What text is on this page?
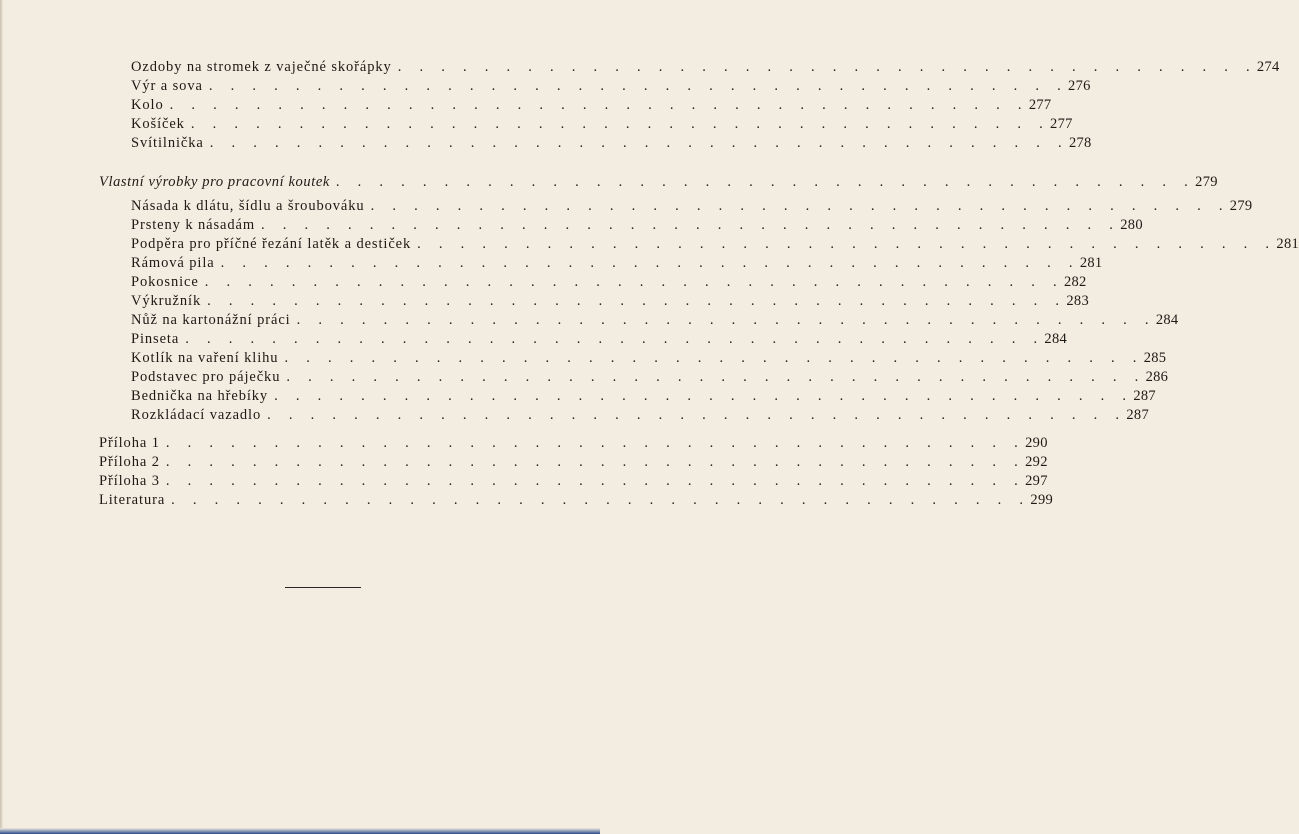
Ozdoby na stromek z vaječné skořápky .  .  .  .  .  .  .  .  .  .  .  .  .  .  .  .  .  .  .  .  .  .  .  .  .  .  .  .  .  .  .  .  .  .  .  .  .  .  .  . 274
Výr a sova .  .  .  .  .  .  .  .  .  .  .  .  .  .  .  .  .  .  .  .  .  .  .  .  .  .  .  .  .  .  .  .  .  .  .  .  .  .  .  . 276
Kolo .  .  .  .  .  .  .  .  .  .  .  .  .  .  .  .  .  .  .  .  .  .  .  .  .  .  .  .  .  .  .  .  .  .  .  .  .  .  .  . 277
Košíček .  .  .  .  .  .  .  .  .  .  .  .  .  .  .  .  .  .  .  .  .  .  .  .  .  .  .  .  .  .  .  .  .  .  .  .  .  .  .  . 277
Svítilnička .  .  .  .  .  .  .  .  .  .  .  .  .  .  .  .  .  .  .  .  .  .  .  .  .  .  .  .  .  .  .  .  .  .  .  .  .  .  .  . 278
Vlastní výrobky pro pracovní koutek .  .  .  .  .  .  .  .  .  .  .  .  .  .  .  .  .  .  .  .  .  .  .  .  .  .  .  .  .  .  .  .  .  .  .  .  .  .  .  . 279
Násada k dlátu, šídlu a šroubováku .  .  .  .  .  .  .  .  .  .  .  .  .  .  .  .  .  .  .  .  .  .  .  .  .  .  .  .  .  .  .  .  .  .  .  .  .  .  .  . 279
Prsteny k násadám .  .  .  .  .  .  .  .  .  .  .  .  .  .  .  .  .  .  .  .  .  .  .  .  .  .  .  .  .  .  .  .  .  .  .  .  .  .  .  . 280
Podpěra pro příčné řezání latěk a destiček .  .  .  .  .  .  .  .  .  .  .  .  .  .  .  .  .  .  .  .  .  .  .  .  .  .  .  .  .  .  .  .  .  .  .  .  .  .  .  . 281
Rámová pila .  .  .  .  .  .  .  .  .  .  .  .  .  .  .  .  .  .  .  .  .  .  .  .  .  .  .  .  .  .  .  .  .  .  .  .  .  .  .  . 281
Pokosnice .  .  .  .  .  .  .  .  .  .  .  .  .  .  .  .  .  .  .  .  .  .  .  .  .  .  .  .  .  .  .  .  .  .  .  .  .  .  .  . 282
Výkružník .  .  .  .  .  .  .  .  .  .  .  .  .  .  .  .  .  .  .  .  .  .  .  .  .  .  .  .  .  .  .  .  .  .  .  .  .  .  .  . 283
Nůž na kartonážní práci .  .  .  .  .  .  .  .  .  .  .  .  .  .  .  .  .  .  .  .  .  .  .  .  .  .  .  .  .  .  .  .  .  .  .  .  .  .  .  . 284
Pinseta .  .  .  .  .  .  .  .  .  .  .  .  .  .  .  .  .  .  .  .  .  .  .  .  .  .  .  .  .  .  .  .  .  .  .  .  .  .  .  . 284
Kotlík na vaření klihu .  .  .  .  .  .  .  .  .  .  .  .  .  .  .  .  .  .  .  .  .  .  .  .  .  .  .  .  .  .  .  .  .  .  .  .  .  .  .  . 285
Podstavec pro páječku .  .  .  .  .  .  .  .  .  .  .  .  .  .  .  .  .  .  .  .  .  .  .  .  .  .  .  .  .  .  .  .  .  .  .  .  .  .  .  . 286
Bednička na hřebíky .  .  .  .  .  .  .  .  .  .  .  .  .  .  .  .  .  .  .  .  .  .  .  .  .  .  .  .  .  .  .  .  .  .  .  .  .  .  .  . 287
Rozkládací vazadlo .  .  .  .  .  .  .  .  .  .  .  .  .  .  .  .  .  .  .  .  .  .  .  .  .  .  .  .  .  .  .  .  .  .  .  .  .  .  .  . 287
Příloha 1 .  .  .  .  .  .  .  .  .  .  .  .  .  .  .  .  .  .  .  .  .  .  .  .  .  .  .  .  .  .  .  .  .  .  .  .  .  .  .  . 290
Příloha 2 .  .  .  .  .  .  .  .  .  .  .  .  .  .  .  .  .  .  .  .  .  .  .  .  .  .  .  .  .  .  .  .  .  .  .  .  .  .  .  . 292
Příloha 3 .  .  .  .  .  .  .  .  .  .  .  .  .  .  .  .  .  .  .  .  .  .  .  .  .  .  .  .  .  .  .  .  .  .  .  .  .  .  .  . 297
Literatura .  .  .  .  .  .  .  .  .  .  .  .  .  .  .  .  .  .  .  .  .  .  .  .  .  .  .  .  .  .  .  .  .  .  .  .  .  .  .  . 299
